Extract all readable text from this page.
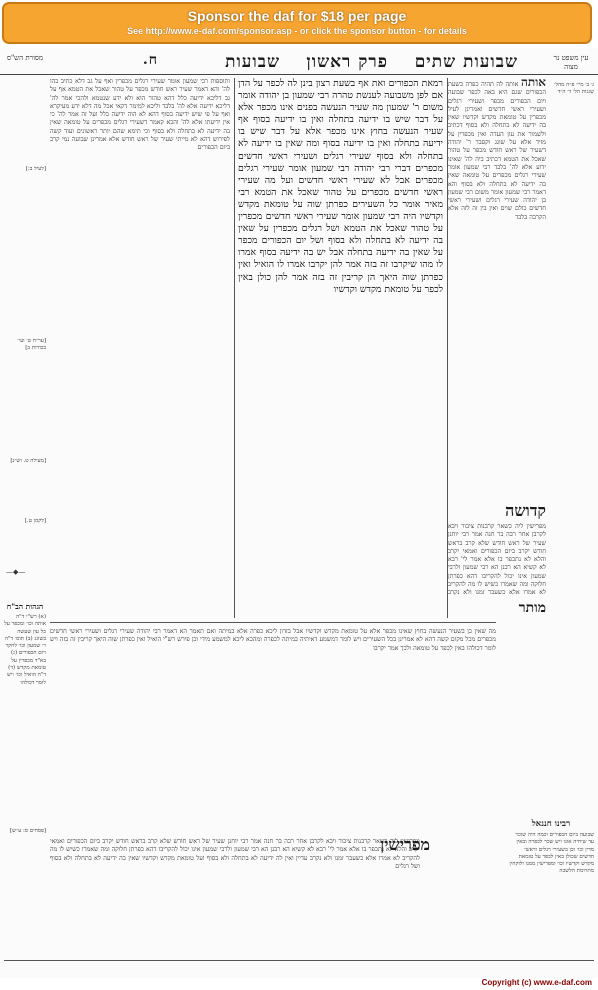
Sponsor the daf for $18 per page
See http://www.e-daf.com/sponsor.asp - or click the sponsor button - for details
עין משפט נר מצוה
שבועות שתים
פרק ראשון
שבועות
ח.
מסורת הש"ס
ג׳ ב׳ מיי׳ פ״ה מהל׳ שגגות הל׳ ד׳ ה״ד
אותה אותה לה תהיה כפרה בשעת הכפורים שגם היא באה לכפר שבועה ויום הכפורים מכפר ושעירי רגלים ושעירי ראשי חדשים ואמרינן לעיל מכפרין על טומאת מקדש וקדשיו שאין בה ידיעה לא בתחלה ולא בסוף דכתיב ולשמור את עון העדה ואין מכפרין על מזיד אלא על שוגג וקסבר ר' יהודה דשעיר של ראש חודש מכפר על טהור שאכל את הטמא דכתיב ביה לה' שאינו ידוע אלא לה' בלבד רבי שמעון אומר שעירי רגלים מכפרים על טומאה שאין בה ידיעה לא בתחלה ולא בסוף והא דאמר רבי שמעון אומר משום רבי שמעון בן יהודה שעירי רגלים ושעירי ראשי חדשים כולם שוים ואין בין זה לזה אלא הקרבה בלבד
רמאת הכפורים ואת אף בשעת רצון בינן לה לכפר על הדן אם לפן משבועה לענשת טהרה רבי שמעון בן יהודה אומר משום ר' שמעון מה שעיר הנעשה בפנים אינו מכפר אלא על דבר שיש בו ידיעה בתחלה ואין בו ידיעה בסוף אף שעיר הנעשה בחוץ אינו מכפר אלא על דבר שיש בו ידיעה בתחלה ואין בו ידיעה בסוף ומה שאין בו ידיעה לא בתחלה ולא בסוף שעירי רגלים ושעירי ראשי חדשים מכפרים דברי רבי יהודה רבי שמעון אומר שעירי רגלים מכפרים אבל לא שעירי ראשי חדשים ועל מה שעירי ראשי חדשים מכפרים על טהור שאכל את הטמא רבי מאיר אומר כל השעירים כפרתן שוה על טומאת מקדש וקדשיו היה רבי שמעון אומר שעירי ראשי חדשים מכפרין על טהור שאכל את הטמא ושל רגלים מכפרין על שאין בה ידיעה לא בתחלה ולא בסוף ושל יום הכפורים מכפר על שאין בה ידיעה בתחלה אבל יש בה ידיעה בסוף אמרו לו מהו שיקרבו זה בזה אמר להן יקרבו אמרו לו הואיל ואין כפרתן שוה היאך הן קריבין זה בזה אמר להן כולן באין לכפר על טומאת מקדש וקדשיו
ותוספות רבי שמעון אומר שעירי רגלים מכפרין ואף על גב דלא כתיב בהו לה' והא דאמר שעיר ראש חודש מכפר על טהור שאכל את הטמא אף על גב דליכא ידיעה כלל דהא טהור הוא ולא ידע שנטמא ולהכי אמר לה' דליכא ידיעה אלא לה' בלבד וליכא למימר דקאי אכל מה דלא ידע מעיקרא ואף על פי שיש ידיעה בסוף דהא לא הוה ידיעה כלל ועל זה אמר לה' כי אין ידיעתו אלא לה' והכא קאמר דשעירי רגלים מכפרים על טומאה שאין בה ידיעה לא בתחלה ולא בסוף וכי תימא שהם יותר ראשונים ועוד קשה לפירוש דהא לא מייתי שעיר של ראש חודש אלא אמרינן שבועה נמי קרב ביום הכפורים
קדושה
מותר
מפרישין ליה כשאר קרבנות ציבור ויבא לקרבן אחר רבה בר חנה אמר רבי יוחנן שעיר של ראש חודש שלא קרב בראש חודש יקרב ביום הכפורים ואמאי יקרב והלא לא נתכפר בו אלא אמר לי' רבא לא קשיא הא רבנן הא רבי שמעון ולרבי שמעון אינו יכול להקריבו דהא כפרתן חלוקה ומה שאמרו כשיש לו מה להקריב לא אמרו אלא כשעבר זמנו ולא נקרב
[לעיל ב:]
[ער״ח ט׳ ועי׳ בכורות ב]
[מעילה ט. וש״נ]
[לקמן ט.]
—◆—
הגהות הב"ח
(א) רש"י ד"ה אותה וכו׳ ומכפר על כל עון שעשה בשוגג (ב) תוס׳ ד"ה ר׳ שמעון וכו׳ לחקר ויום הכפורים (ג) בא"ד מכפרין על טומאת מקדש (ד) ד"ה הואיל וכו׳ ויש לומר דכולהו
מה שאין כן בשעיר הנעשה בחוץ שאינו מכפר אלא על טומאת מקדש וקדשיו אבל בזדון ליכא כפרה אלא במיתה ואם תאמר הא דאמר רבי יהודה שעירי רגלים ושעירי ראשי חדשים מכפרים מכל מקום קשה דהא לא אמרינן בכל השעירים ויש לומר דמשמע דאיתיה במיתה לכפרה ומהכא ליכא למשמע מידי וכן פירש רש"י הואיל ואין כפרתן שוה היאך קריבין זה בזה ויש לומר דכולהו באין לכפר על טומאה ולכך אמר יקרבו
מפרישין
מפרישין ליה כשאר קרבנות ציבור ויבא לקרבן אחר רבה בר חנה אמר רבי יוחנן שעיר של ראש חודש שלא קרב בראש חודש יקרב ביום הכפורים ואמאי יקרב והלא לא נתכפר בו אלא אמר לי' רבא לא קשיא הא רבנן הא רבי שמעון ולרבי שמעון אינו יכול להקריבו דהא כפרתן חלוקה ומה שאמרו כשיש לו מה להקריב לא אמרו אלא כשעבר זמנו ולא נקרב עדיין ואין לה ידיעה לא בתחלה ולא בסוף ועל טומאת מקדש וקדשיו שאין בה ידיעה לא בתחלה ולא בסוף ושל רגלים
רבינו חננאל
שבועה ביום הכפורים וכמה היה שוכר עד שיחיה אונו ויש שכר לכפרה ובאין מדין וכו׳ וכן בשעירי רגלים וראשי חדשים שכולן באין לכפר על טומאת מקדש וקדשיו וכו׳ ומפרישין ממנו ולוקחין מתרומת הלשכה
[פסחים ס: ע״ש]
Copyright (c) www.e-daf.com
